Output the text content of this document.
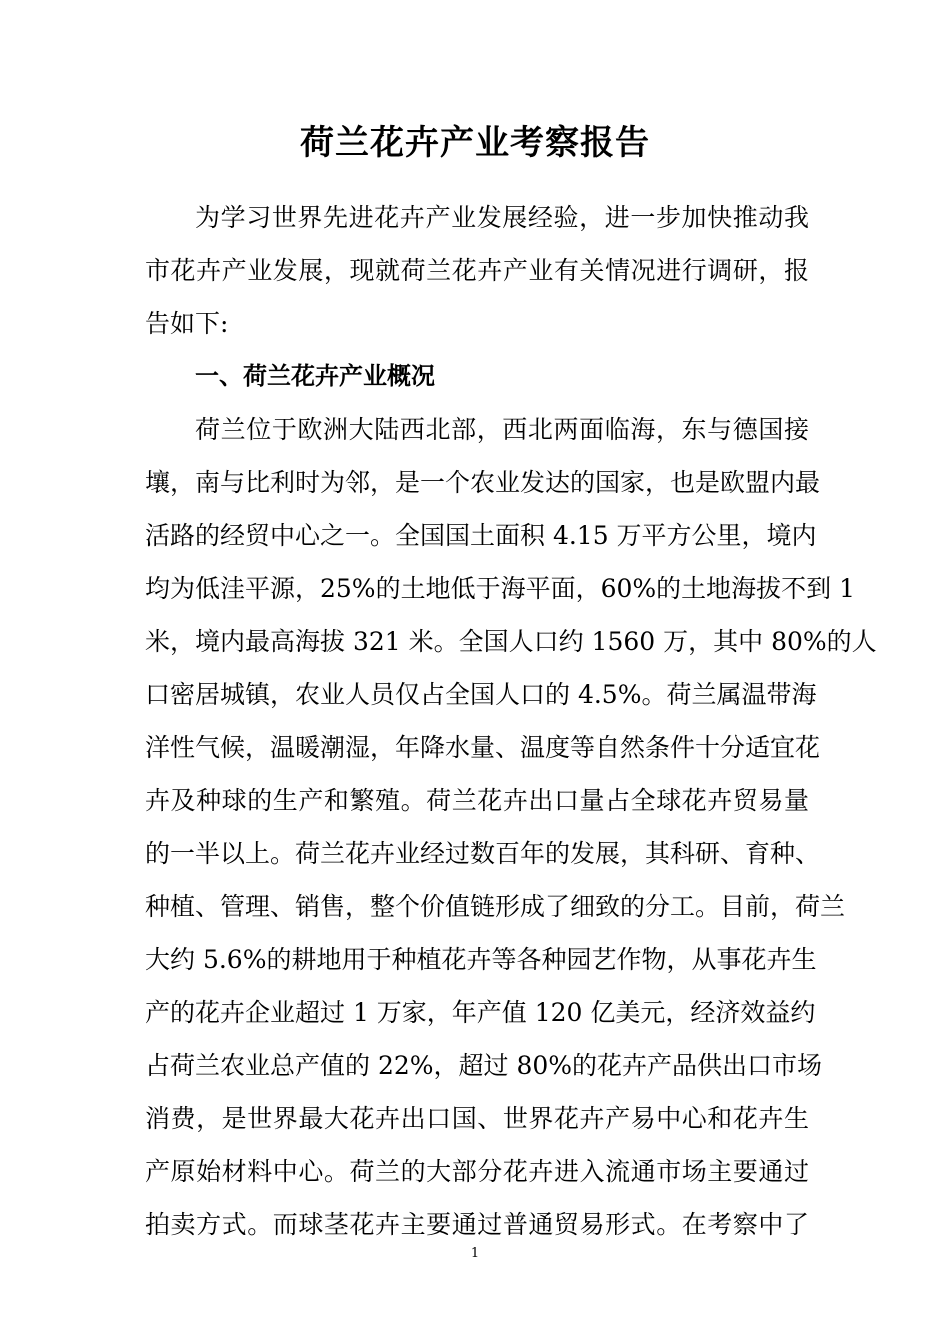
荷兰花卉产业考察报告
为学习世界先进花卉产业发展经验，进一步加快推动我
市花卉产业发展，现就荷兰花卉产业有关情况进行调研，报
告如下:
一、荷兰花卉产业概况
荷兰位于欧洲大陆西北部，西北两面临海，东与德国接
壤，南与比利时为邻，是一个农业发达的国家，也是欧盟内最
活路的经贸中心之一。全国国土面积 4.15 万平方公里，境内
均为低洼平源，25%的土地低于海平面，60%的土地海拔不到 1
米，境内最高海拔 321 米。全国人口约 1560 万，其中 80%的人
口密居城镇，农业人员仅占全国人口的 4.5%。荷兰属温带海
洋性气候，温暖潮湿，年降水量、温度等自然条件十分适宜花
卉及种球的生产和繁殖。荷兰花卉出口量占全球花卉贸易量
的一半以上。荷兰花卉业经过数百年的发展，其科研、育种、
种植、管理、销售，整个价值链形成了细致的分工。目前，荷兰
大约 5.6%的耕地用于种植花卉等各种园艺作物，从事花卉生
产的花卉企业超过 1 万家，年产值 120 亿美元，经济效益约
占荷兰农业总产值的 22%，超过 80%的花卉产品供出口市场
消费，是世界最大花卉出口国、世界花卉产易中心和花卉生
产原始材料中心。荷兰的大部分花卉进入流通市场主要通过
拍卖方式。而球茎花卉主要通过普通贸易形式。在考察中了
1
